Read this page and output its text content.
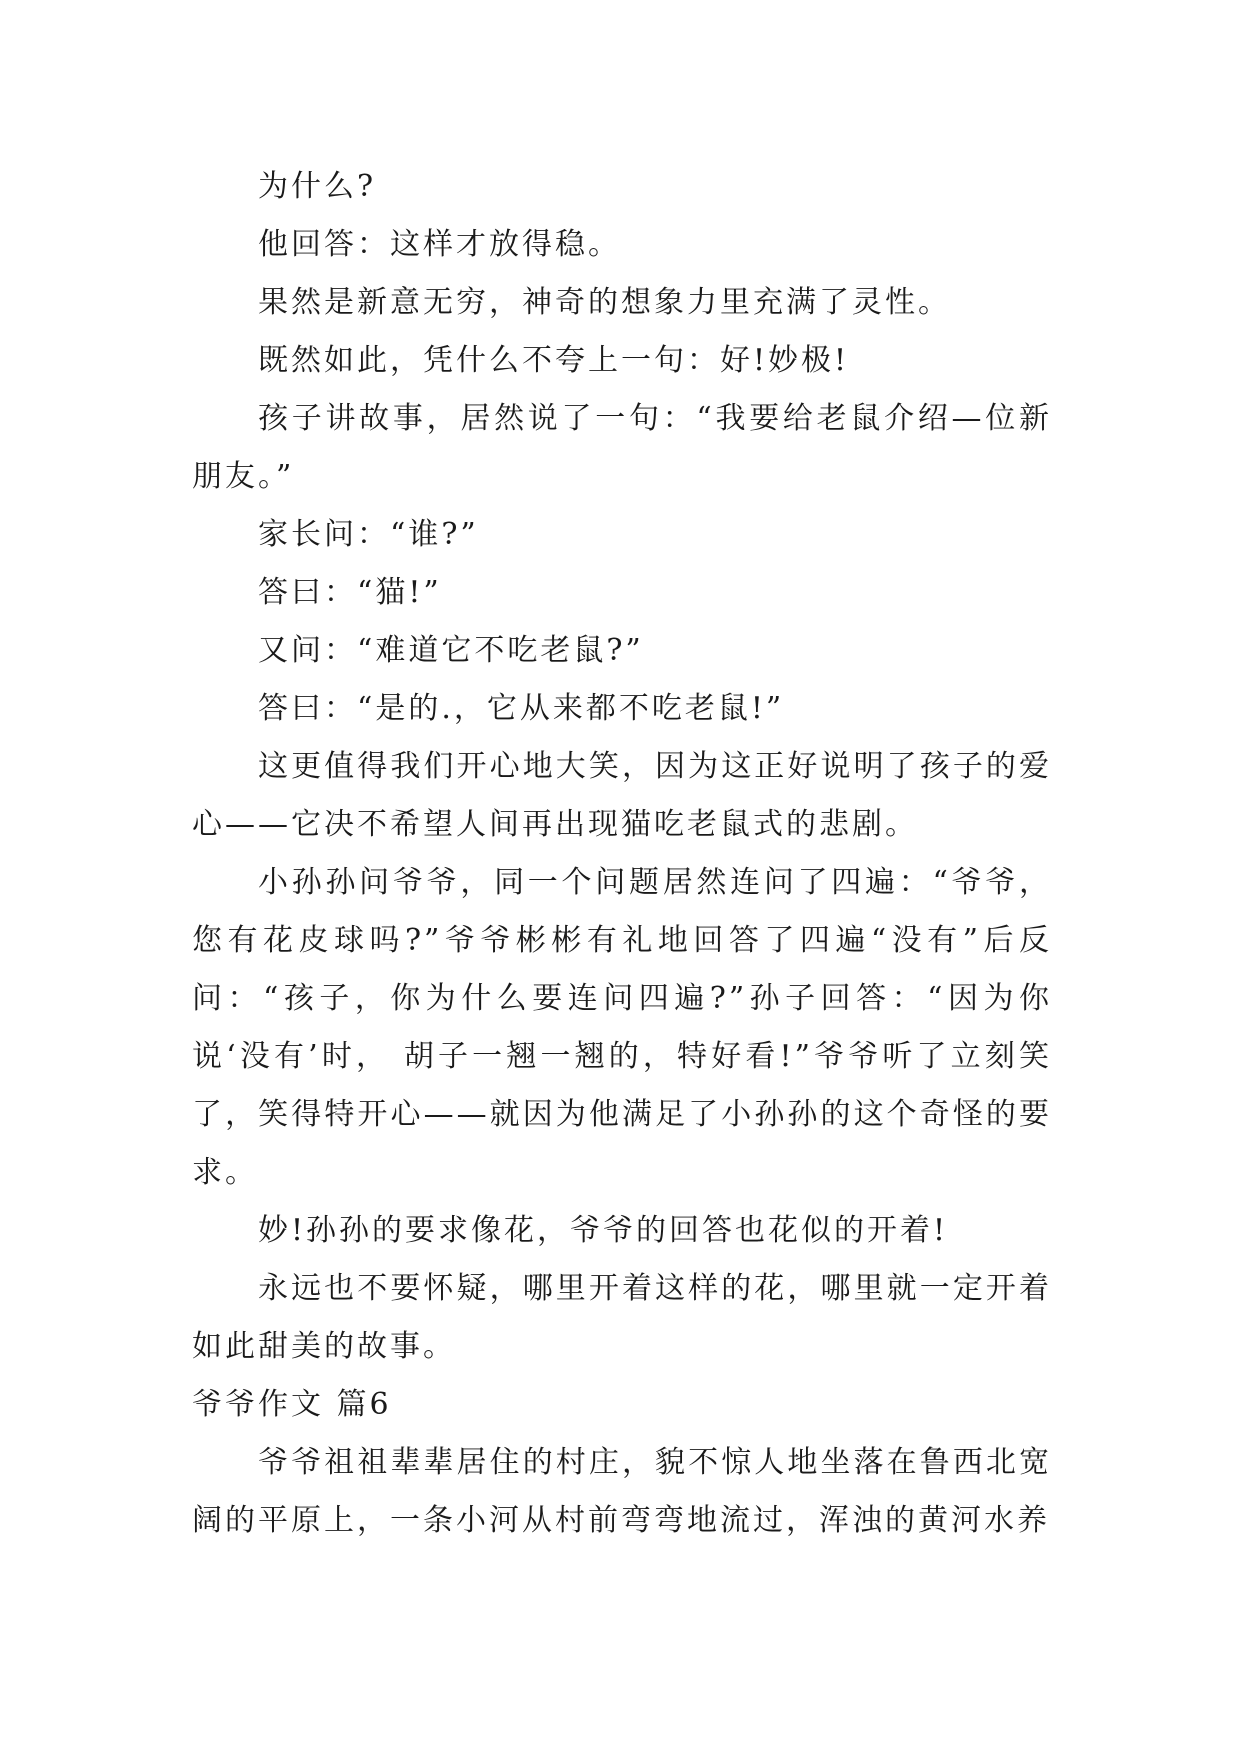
为什么?

他回答：这样才放得稳。

果然是新意无穷，神奇的想象力里充满了灵性。

既然如此，凭什么不夸上一句：好!妙极!

孩子讲故事，居然说了一句：“我要给老鼠介绍—位新朋友。”

家长问：“谁?”

答曰：“猫!”

又问：“难道它不吃老鼠?”

答曰：“是的.，它从来都不吃老鼠!”

这更值得我们开心地大笑，因为这正好说明了孩子的爱心——它决不希望人间再出现猫吃老鼠式的悲剧。

小孙孙问爷爷，同一个问题居然连问了四遍：“爷爷，您有花皮球吗?”爷爷彬彬有礼地回答了四遍“没有”后反问：“孩子，你为什么要连问四遍?”孙子回答：“因为你说‘没有’时， 胡子一翘一翘的，特好看!”爷爷听了立刻笑了，笑得特开心——就因为他满足了小孙孙的这个奇怪的要求。

妙!孙孙的要求像花，爷爷的回答也花似的开着!

永远也不要怀疑，哪里开着这样的花，哪里就一定开着如此甜美的故事。

爷爷作文 篇6

爷爷祖祖辈辈居住的村庄，貌不惊人地坐落在鲁西北宽阔的平原上，一条小河从村前弯弯地流过，浑浊的黄河水养
